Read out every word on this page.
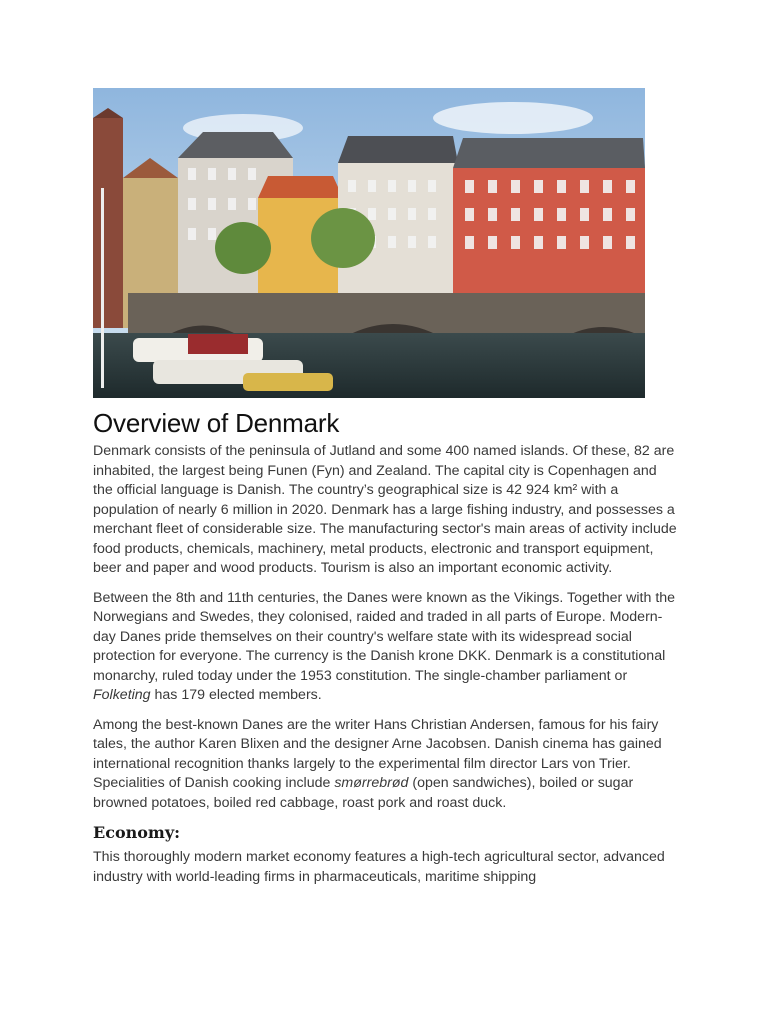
Overview of Denmark

Denmark consists of the peninsula of Jutland and some 400 named islands. Of these, 82 are inhabited, the largest being Funen (Fyn) and Zealand. The capital city is Copenhagen and the official language is Danish. The country’s geographical size is 42 924 km² with a population of nearly 6 million in 2020. Denmark has a large fishing industry, and possesses a merchant fleet of considerable size. The manufacturing sector's main areas of activity include food products, chemicals, machinery, metal products, electronic and transport equipment, beer and paper and wood products. Tourism is also an important economic activity.

Between the 8th and 11th centuries, the Danes were known as the Vikings. Together with the Norwegians and Swedes, they colonised, raided and traded in all parts of Europe. Modern-day Danes pride themselves on their country's welfare state with its widespread social protection for everyone. The currency is the Danish krone DKK. Denmark is a constitutional monarchy, ruled today under the 1953 constitution. The single-chamber parliament or Folketing has 179 elected members.

Among the best-known Danes are the writer Hans Christian Andersen, famous for his fairy tales, the author Karen Blixen and the designer Arne Jacobsen. Danish cinema has gained international recognition thanks largely to the experimental film director Lars von Trier. Specialities of Danish cooking include smørrebrød (open sandwiches), boiled or sugar browned potatoes, boiled red cabbage, roast pork and roast duck.

Economy:

This thoroughly modern market economy features a high-tech agricultural sector, advanced industry with world-leading firms in pharmaceuticals, maritime shipping
